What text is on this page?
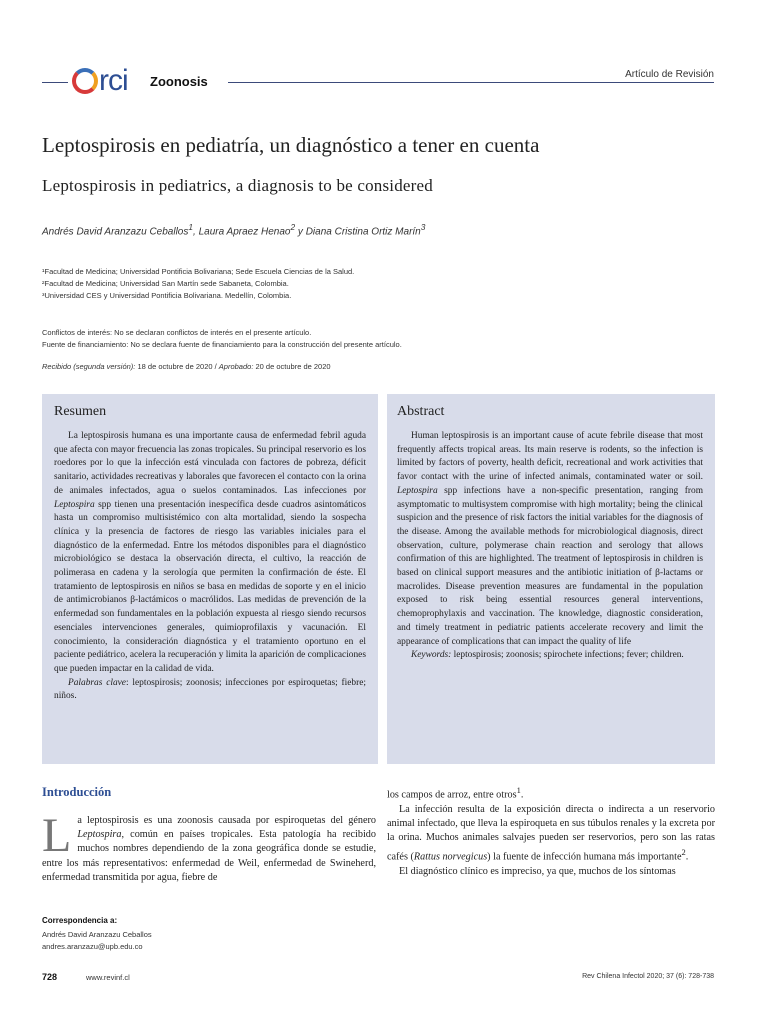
rci Zoonosis	Artículo de Revisión
Leptospirosis en pediatría, un diagnóstico a tener en cuenta
Leptospirosis in pediatrics, a diagnosis to be considered
Andrés David Aranzazu Ceballos$^1$, Laura Apraez Henao$^2$ y Diana Cristina Ortiz Marín$^3$
¹Facultad de Medicina; Universidad Pontificia Bolivariana; Sede Escuela Ciencias de la Salud.
²Facultad de Medicina; Universidad San Martín sede Sabaneta, Colombia.
³Universidad CES y Universidad Pontificia Bolivariana. Medellín, Colombia.
Conflictos de interés: No se declaran conflictos de interés en el presente artículo.
Fuente de financiamiento: No se declara fuente de financiamiento para la construcción del presente artículo.
Recibido (segunda versión): 18 de octubre de 2020 / Aprobado: 20 de octubre de 2020
Resumen

La leptospirosis humana es una importante causa de enfermedad febril aguda que afecta con mayor frecuencia las zonas tropicales. Su principal reservorio es los roedores por lo que la infección está vinculada con factores de pobreza, déficit sanitario, actividades recreativas y laborales que favorecen el contacto con la orina de animales infectados, agua o suelos contaminados. Las infecciones por Leptospira spp tienen una presentación inespecífica desde cuadros asintomáticos hasta un compromiso multisistémico con alta mortalidad, siendo la sospecha clínica y la presencia de factores de riesgo las variables iniciales para el diagnóstico de la enfermedad. Entre los métodos disponibles para el diagnóstico microbiológico se destaca la observación directa, el cultivo, la reacción de polimerasa en cadena y la serología que permiten la confirmación de éste. El tratamiento de leptospirosis en niños se basa en medidas de soporte y en el inicio de antimicrobianos β-lactámicos o macrólidos. Las medidas de prevención de la enfermedad son fundamentales en la población expuesta al riesgo siendo recursos esenciales intervenciones generales, quimioprofilaxis y vacunación. El conocimiento, la consideración diagnóstica y el tratamiento oportuno en el paciente pediátrico, acelera la recuperación y limita la aparición de complicaciones que pueden impactar en la calidad de vida.

Palabras clave: leptospirosis; zoonosis; infecciones por espiroquetas; fiebre; niños.

Abstract

Human leptospirosis is an important cause of acute febrile disease that most frequently affects tropical areas. Its main reserve is rodents, so the infection is limited by factors of poverty, health deficit, recreational and work activities that favor contact with the urine of infected animals, contaminated water or soil. Leptospira spp infections have a non-specific presentation, ranging from asymptomatic to multisystem compromise with high mortality; being the clinical suspicion and the presence of risk factors the initial variables for the diagnosis of the disease. Among the available methods for microbiological diagnosis, direct observation, culture, polymerase chain reaction and serology that allows confirmation of this are highlighted. The treatment of leptospirosis in children is based on clinical support measures and the antibiotic initiation of β-lactams or macrolides. Disease prevention measures are fundamental in the population exposed to risk being essential resources general interventions, chemoprophylaxis and vaccination. The knowledge, diagnostic consideration, and timely treatment in pediatric patients accelerate recovery and limit the appearance of complications that can impact the quality of life

Keywords: leptospirosis; zoonosis; spirochete infections; fever; children.

Introducción
La leptospirosis es una zoonosis causada por espiroquetas del género Leptospira, común en países tropicales. Esta patología ha recibido muchos nombres dependiendo de la zona geográfica donde se estudie, entre los más representativos: enfermedad de Weil, enfermedad de Swineherd, enfermedad transmitida por agua, fiebre de

los campos de arroz, entre otros$^1$.

La infección resulta de la exposición directa o indirecta a un reservorio animal infectado, que lleva la espiroqueta en sus túbulos renales y la excreta por la orina. Muchos animales salvajes pueden ser reservorios, pero son las ratas cafés (Rattus norvegicus) la fuente de infección humana más importante$^2$.

El diagnóstico clínico es impreciso, ya que, muchos de los síntomas

Correspondencia a:
Andrés David Aranzazu Ceballos
andres.aranzazu@upb.edu.co
728	www.revinf.cl	Rev Chilena Infectol 2020; 37 (6): 728-738
